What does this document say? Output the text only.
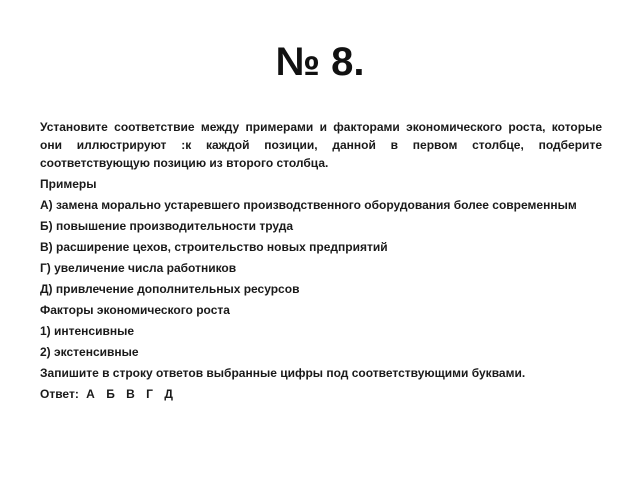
№ 8.

Установите соответствие между примерами и факторами экономического роста, которые они иллюстрируют :к каждой позиции, данной в первом столбце, подберите соответствующую позицию из второго столбца.

Примеры

А) замена морально устаревшего производственного оборудования более современным

Б) повышение производительности труда

В) расширение цехов, строительство новых предприятий

Г) увеличение числа работников

Д) привлечение дополнительных ресурсов

Факторы экономического роста

1) интенсивные

2) экстенсивные

Запишите в строку ответов выбранные цифры под соответствующими буквами.

Ответ: А Б В Г Д
